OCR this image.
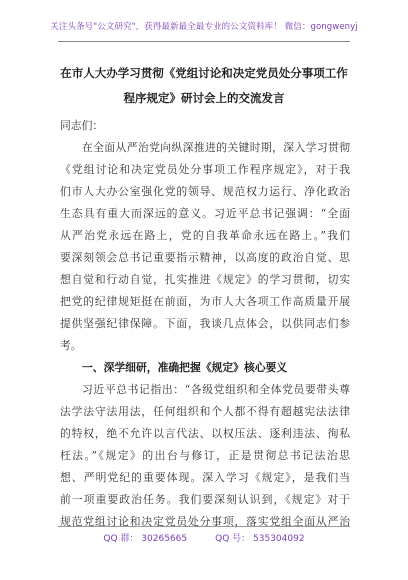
关注头条号"公文研究"，获得最新最全最专业的公文资料库！ 微信：gongwenyj
在市人大办学习贯彻《党组讨论和决定党员处分事项工作
程序规定》研讨会上的交流发言
同志们：
在全面从严治党向纵深推进的关键时期，深入学习贯彻
《党组讨论和决定党员处分事项工作程序规定》，对于我
们市人大办公室强化党的领导、规范权力运行、净化政治
生态具有重大而深远的意义。习近平总书记强调：“全面
从严治党永远在路上，党的自我革命永远在路上。”我们
要深刻领会总书记重要指示精神，以高度的政治自觉、思
想自觉和行动自觉，扎实推进《规定》的学习贯彻，切实
把党的纪律规矩挺在前面，为市人大各项工作高质量开展
提供坚强纪律保障。下面，我谈几点体会，以供同志们参
考。
一、深学细研，准确把握《规定》核心要义
习近平总书记指出：“各级党组织和全体党员要带头尊
法学法守法用法，任何组织和个人都不得有超越宪法法律
的特权，绝不允许以言代法、以权压法、逐利违法、徇私
枉法。”《规定》的出台与修订，正是贯彻总书记法治思
想、严明党纪的重要体现。深入学习《规定》，是我们当
前一项重要政治任务。我们要深刻认识到，《规定》对于
规范党组讨论和决定党员处分事项，落实党组全面从严治
QQ 群： 30265665	QQ 号： 535304092
